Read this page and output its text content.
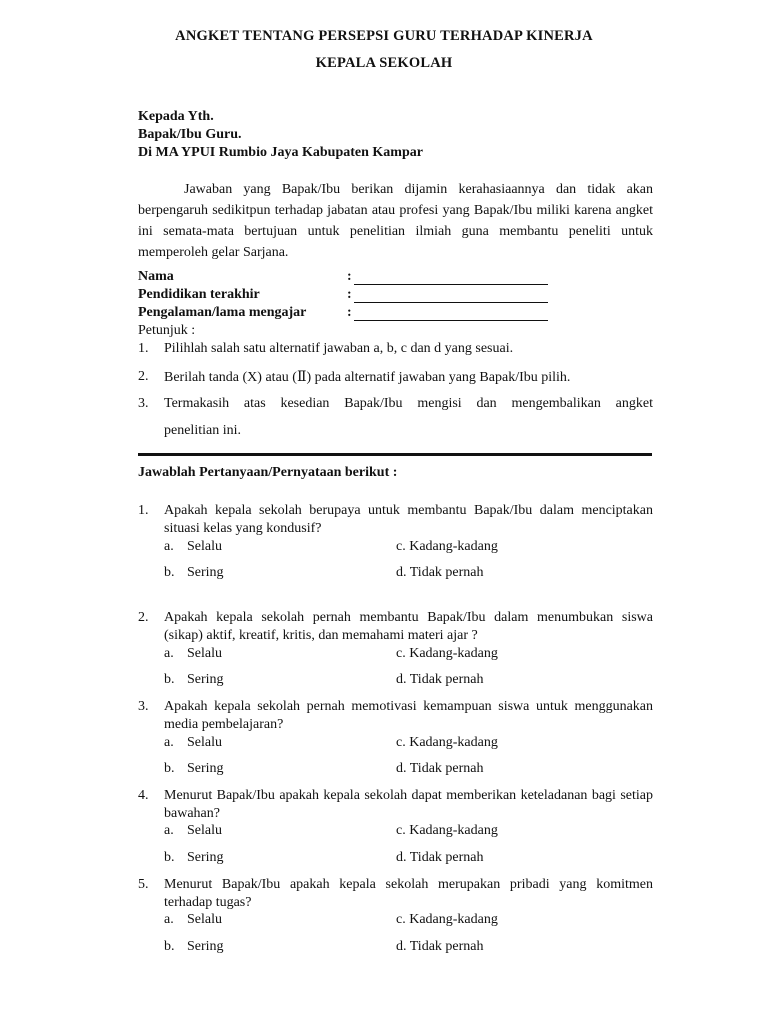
ANGKET TENTANG PERSEPSI GURU TERHADAP KINERJA
KEPALA SEKOLAH
Kepada Yth.
Bapak/Ibu Guru.
Di MA YPUI Rumbio Jaya Kabupaten Kampar
Jawaban yang Bapak/Ibu berikan dijamin kerahasiaannya dan tidak akan berpengaruh sedikitpun terhadap jabatan atau profesi yang Bapak/Ibu miliki karena angket ini semata-mata bertujuan untuk penelitian ilmiah guna membantu peneliti untuk memperoleh gelar Sarjana.
Nama	:
Pendidikan terakhir	:
Pengalaman/lama mengajar	:
Petunjuk :
1. Pilihlah salah satu alternatif jawaban a, b, c dan d yang sesuai.
2. Berilah tanda (X) atau (Ⅱ) pada alternatif jawaban yang Bapak/Ibu pilih.
3. Termakasih atas kesedian Bapak/Ibu mengisi dan mengembalikan angket
penelitian ini.
Jawablah Pertanyaan/Pernyataan berikut :
1. Apakah kepala sekolah berupaya untuk membantu Bapak/Ibu dalam menciptakan situasi kelas yang kondusif?
a. Selalu	c. Kadang-kadang
b. Sering	d. Tidak pernah
2. Apakah kepala sekolah pernah membantu Bapak/Ibu dalam menumbukan siswa (sikap) aktif, kreatif, kritis, dan memahami materi ajar ?
a. Selalu	c. Kadang-kadang
b. Sering	d. Tidak pernah
3. Apakah kepala sekolah pernah memotivasi kemampuan siswa untuk menggunakan media pembelajaran?
a. Selalu	c. Kadang-kadang
b. Sering	d. Tidak pernah
4. Menurut Bapak/Ibu apakah kepala sekolah dapat memberikan keteladanan bagi setiap bawahan?
a. Selalu	c. Kadang-kadang
b. Sering	d. Tidak pernah
5. Menurut Bapak/Ibu apakah kepala sekolah merupakan pribadi yang komitmen terhadap tugas?
a. Selalu	c. Kadang-kadang
b. Sering	d. Tidak pernah
